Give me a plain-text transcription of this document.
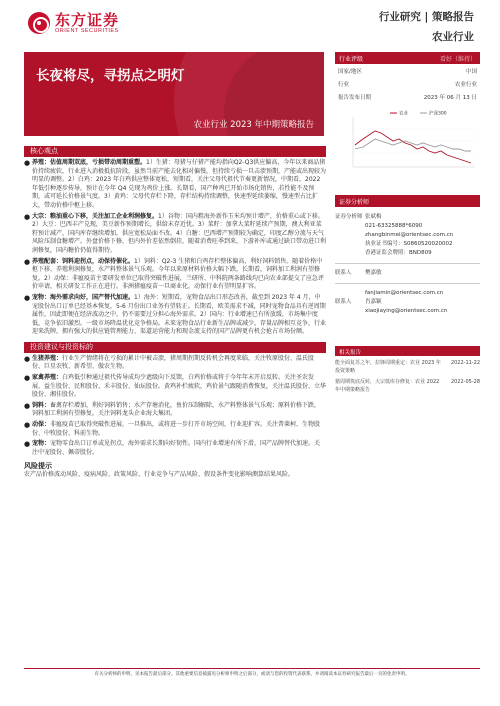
东方证券
ORIENT SECURITIES
行业研究 | 策略报告
农业行业
长夜将尽，寻拐点之明灯
农业行业 2023 年中期策略报告
行业评级	看好（维持）
国家/地区	中国
行业	农业行业
报告发布日期	2023 年 06 月 13 日
农业	沪深300
证券分析师
证券分析师 张斌梅
021-63325888*6090
zhangbinmei@orientsec.com.cn
执业证书编号：S0860520020002
香港证监会牌照：BND809
联系人	樊嘉敏
fanjiamin@orientsec.com.cn
联系人	肖嘉颖
xiaojiaying@orientsec.com.cn
相关报告
能全面复苏之年，拉锋周期重定：农业 2023 年投资策略
2022-11-22
猪周期筑底反转，大宗低库存修复：农业 2022 年中期策略报告
2022-05-28
核心观点
● 养殖：估值周期双底，亏损带动周期重塑。1）生猪：母猪与仔猪产能均指向Q2-Q3供应偏高，今年以来商品猪价持续疲软，行业进入消极抵抗阶段，虽然当前产能去化相对偏慢，但持续亏损一旦击溃预期，产能或出现较为明显的调整。2）白鸡：2023 年白鸡供应整体宽松，短期看，关注父母代祖代节奏更新情况，中期看，2022年低引种逐步传导，预计在今年 Q4 兑现为鸡价上涨。长期看，国产种鸡已开始市场化销售，若性能不及预期，或可延长价格景气度。3）黄鸡：父母代存栏下降，存栏结构持续调整，快速型延续萎缩，慢速型占比扩大，带动价格中枢上移。
● 大宗：粮油重心下移，关注加工企业利润修复。1）谷物：国内粗海外新作玉米均预计增产，价格重心或下移。2）大豆：巴西丰产兑现，美豆新作预期增长，供给未存近忧。3）菜籽：加拿大菜籽延续产预期，澳大利亚菜籽预计减产，国内库存继续增加，供应宽松局面不改。4）白糖：巴西增产预期较为确定，印度乙醇分流与天气风险压制食糖增产。外盘价格下修，但内外价差依然倒挂，随着消费旺季到来，下游补库或通过缺口带动进口利润修复，国内糖价仍值得期待。
● 养殖配套：饲料迎拐点，动保待催化。1）饲料：Q2-3 生猪和白鸡存栏整体偏高，利好饲料销售。随着价格中枢下移，养殖利润修复，水产料整体景气乐观。今年以来原材料价格大幅下跌，长期看，饲料加工利润有望修复。2）动保：非瘟疫苗主要研发单位已取得突破性进展，兰研所、中科院两条路线均已向农业部提交了应急评价申请，相关研发工作正在进行。非洲猪瘟疫苗一旦商业化，动保行业有望明显扩容。
● 宠物：海外需求向好，国产替代加速。1）海外：短期看，宠物食品出口形态改善，截至到 2023 年 4 月，中宠股份出口订单已经基本恢复，5-6 月份出口业务有望转正。长期看，欧美需求不减，同时宠物食品具有逆周期属性，因此即便在经济波动之中，仍不需要过分担心海外需求。2）国内：行业增速已有所放缓，市场集中度低，竞争依旧激烈。一级市场降温优化竞争格局。未来宠物食品行业新生品牌或减少，存量品牌相互竞争，行业迎来洗牌，拥有强大的供应链管理能力、渠道运营能力和现金流支持的国产品牌更有机会抢占市场份额。
投资建议与投资标的
● 生猪养殖：行业生产情绪将在亏损的累计中被击溃，猪周期拐期反转机会再度来临，关注牧原股份、温氏股份、巨星农牧、新希望、傲农生物。
● 家禽养殖：白鸡低引种通过祖代传导成均少遮级向下反馈，白鸡价格或将于今年年末开启反转。关注圣农发展、益生股份、民和股份、禾丰股份、仙坛股份。黄鸡补栏疲软，鸡价景气跟随消费恢复，关注温氏股份、立华股份、湘佳股份。
● 饲料：畜禽存栏增加，利好饲料销售；水产存塘消化，鱼价压制解除，水产料整体景气乐观；原料价格下跌，饲料加工利润有望修复。关注饲料龙头企业海大集团。
● 动保：非瘟疫苗已取得突破性进展，一旦推出，或将进一步打开市场空间，行业迎扩容。关注普莱柯、生物股份、中牧股份、科前生物。
● 宠物：宠物零食出口订单或见拐点，海外需求长期向好韧性。国内行业增速有所下滑，国产品牌替代加速。关注中宠股份、佩蒂股份。
风险提示
农产品价格波动风险、疫病风险、政策风险、行业竞争与产品风险、假设条件变化影响测算结果风险。
有关分析师的申明，见本报告最后部分。其他重要信息披露见分析师申明之后部分，或请与您的投资代表联系。并请阅读本证券研究报告最后一页的免责申明。
